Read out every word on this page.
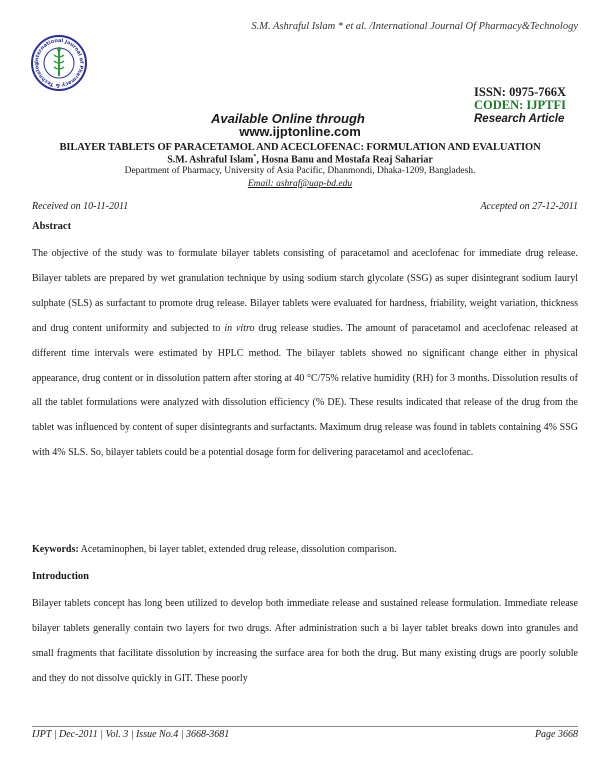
S.M. Ashraful Islam * et al. /International Journal Of Pharmacy&Technology
International Journal of Pharmacy & Technolog
ISSN: 0975-766X
CODEN: IJPTFI
Available Online through	Research Article
www.ijptonline.com
BILAYER TABLETS OF PARACETAMOL AND ACECLOFENAC: FORMULATION AND EVALUATION
S.M. Ashraful Islam*, Hosna Banu and Mostafa Reaj Sahariar
Department of Pharmacy, University of Asia Pacific, Dhanmondi, Dhaka-1209, Bangladesh.
Email: ashraf@uap-bd.edu
Received on 10-11-2011	Accepted on 27-12-2011
Abstract
The objective of the study was to formulate bilayer tablets consisting of paracetamol and aceclofenac for immediate drug release. Bilayer tablets are prepared by wet granulation technique by using sodium starch glycolate (SSG) as super disintegrant sodium lauryl sulphate (SLS) as surfactant to promote drug release. Bilayer tablets were evaluated for hardness, friability, weight variation, thickness and drug content uniformity and subjected to in vitro drug release studies. The amount of paracetamol and aceclofenac released at different time intervals were estimated by HPLC method. The bilayer tablets showed no significant change either in physical appearance, drug content or in dissolution pattern after storing at 40 °C/75% relative humidity (RH) for 3 months. Dissolution results of all the tablet formulations were analyzed with dissolution efficiency (% DE). These results indicated that release of the drug from the tablet was influenced by content of super disintegrants and surfactants. Maximum drug release was found in tablets containing 4% SSG with 4% SLS. So, bilayer tablets could be a potential dosage form for delivering paracetamol and aceclofenac.
Keywords: Acetaminophen, bi layer tablet, extended drug release, dissolution comparison.
Introduction
Bilayer tablets concept has long been utilized to develop both immediate release and sustained release formulation. Immediate release bilayer tablets generally contain two layers for two drugs. After administration such a bi layer tablet breaks down into granules and small fragments that facilitate dissolution by increasing the surface area for both the drug. But many existing drugs are poorly soluble and they do not dissolve quickly in GIT. These poorly
IJPT | Dec-2011 | Vol. 3 | Issue No.4 | 3668-3681	Page 3668
